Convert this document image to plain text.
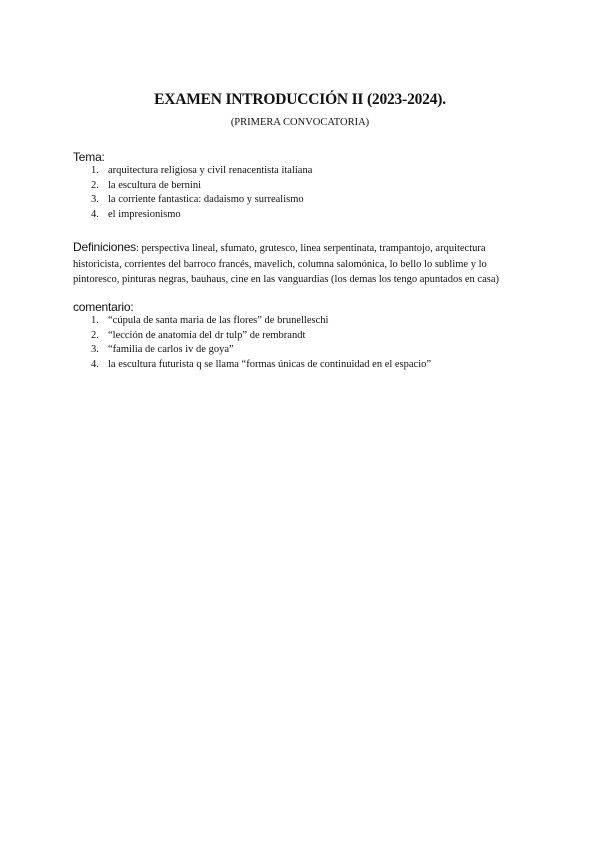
EXAMEN INTRODUCCIÓN II (2023-2024).
(PRIMERA CONVOCATORIA)

Tema:

1. arquitectura religiosa y civil renacentista italiana
2. la escultura de bernini
3. la corriente fantastica: dadaismo y surrealismo
4. el impresionismo
Definiciones: perspectiva lineal, sfumato, grutesco, linea serpentinata, trampantojo, arquitectura historicista, corrientes del barroco francés, mavelich, columna salomónica, lo bello lo sublime y lo pintoresco, pinturas negras, bauhaus, cine en las vanguardias (los demas los tengo apuntados en casa)

comentario:

1. “cúpula de santa maria de las flores” de brunelleschi
2. “lección de anatomía del dr tulp” de rembrandt
3. “familia de carlos iv de goya”
4. la escultura futurista q se llama “formas únicas de continuidad en el espacio”
